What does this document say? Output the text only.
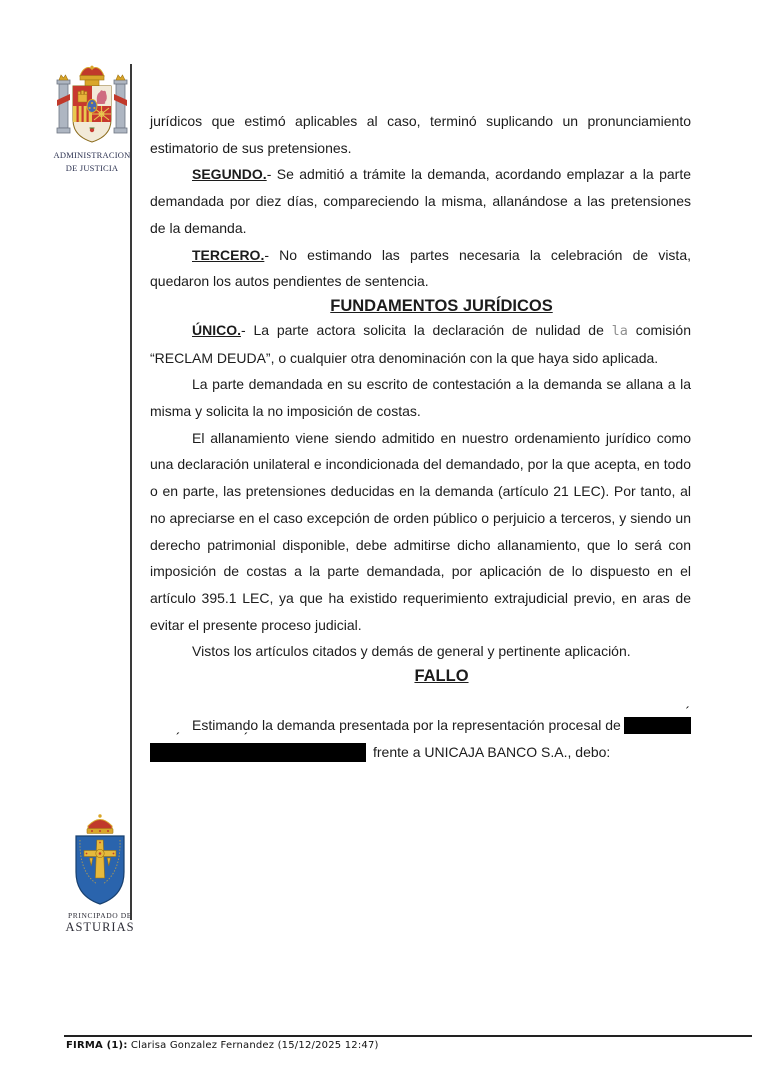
ADMINISTRACION
DE JUSTICIA
PRINCIPADO DE
ASTURIAS

jurídicos que estimó aplicables al caso, terminó suplicando un pronunciamiento estimatorio de sus pretensiones.

SEGUNDO.- Se admitió a trámite la demanda, acordando emplazar a la parte demandada por diez días, compareciendo la misma, allanándose a las pretensiones de la demanda.

TERCERO.- No estimando las partes necesaria la celebración de vista, quedaron los autos pendientes de sentencia.

FUNDAMENTOS JURÍDICOS

ÚNICO.- La parte actora solicita la declaración de nulidad de la comisión “RECLAM DEUDA”, o cualquier otra denominación con la que haya sido aplicada.

La parte demandada en su escrito de contestación a la demanda se allana a la misma y solicita la no imposición de costas.

El allanamiento viene siendo admitido en nuestro ordenamiento jurídico como una declaración unilateral e incondicionada del demandado, por la que acepta, en todo o en parte, las pretensiones deducidas en la demanda (artículo 21 LEC). Por tanto, al no apreciarse en el caso excepción de orden público o perjuicio a terceros, y siendo un derecho patrimonial disponible, debe admitirse dicho allanamiento, que lo será con imposición de costas a la parte demandada, por aplicación de lo dispuesto en el artículo 395.1 LEC, ya que ha existido requerimiento extrajudicial previo, en aras de evitar el presente proceso judicial.

Vistos los artículos citados y demás de general y pertinente aplicación.

FALLO

Estimando la demanda presentada por la representación procesal de
´
´	´
frente a UNICAJA BANCO S.A., debo:
FIRMA (1): Clarisa Gonzalez Fernandez (15/12/2025 12:47)
